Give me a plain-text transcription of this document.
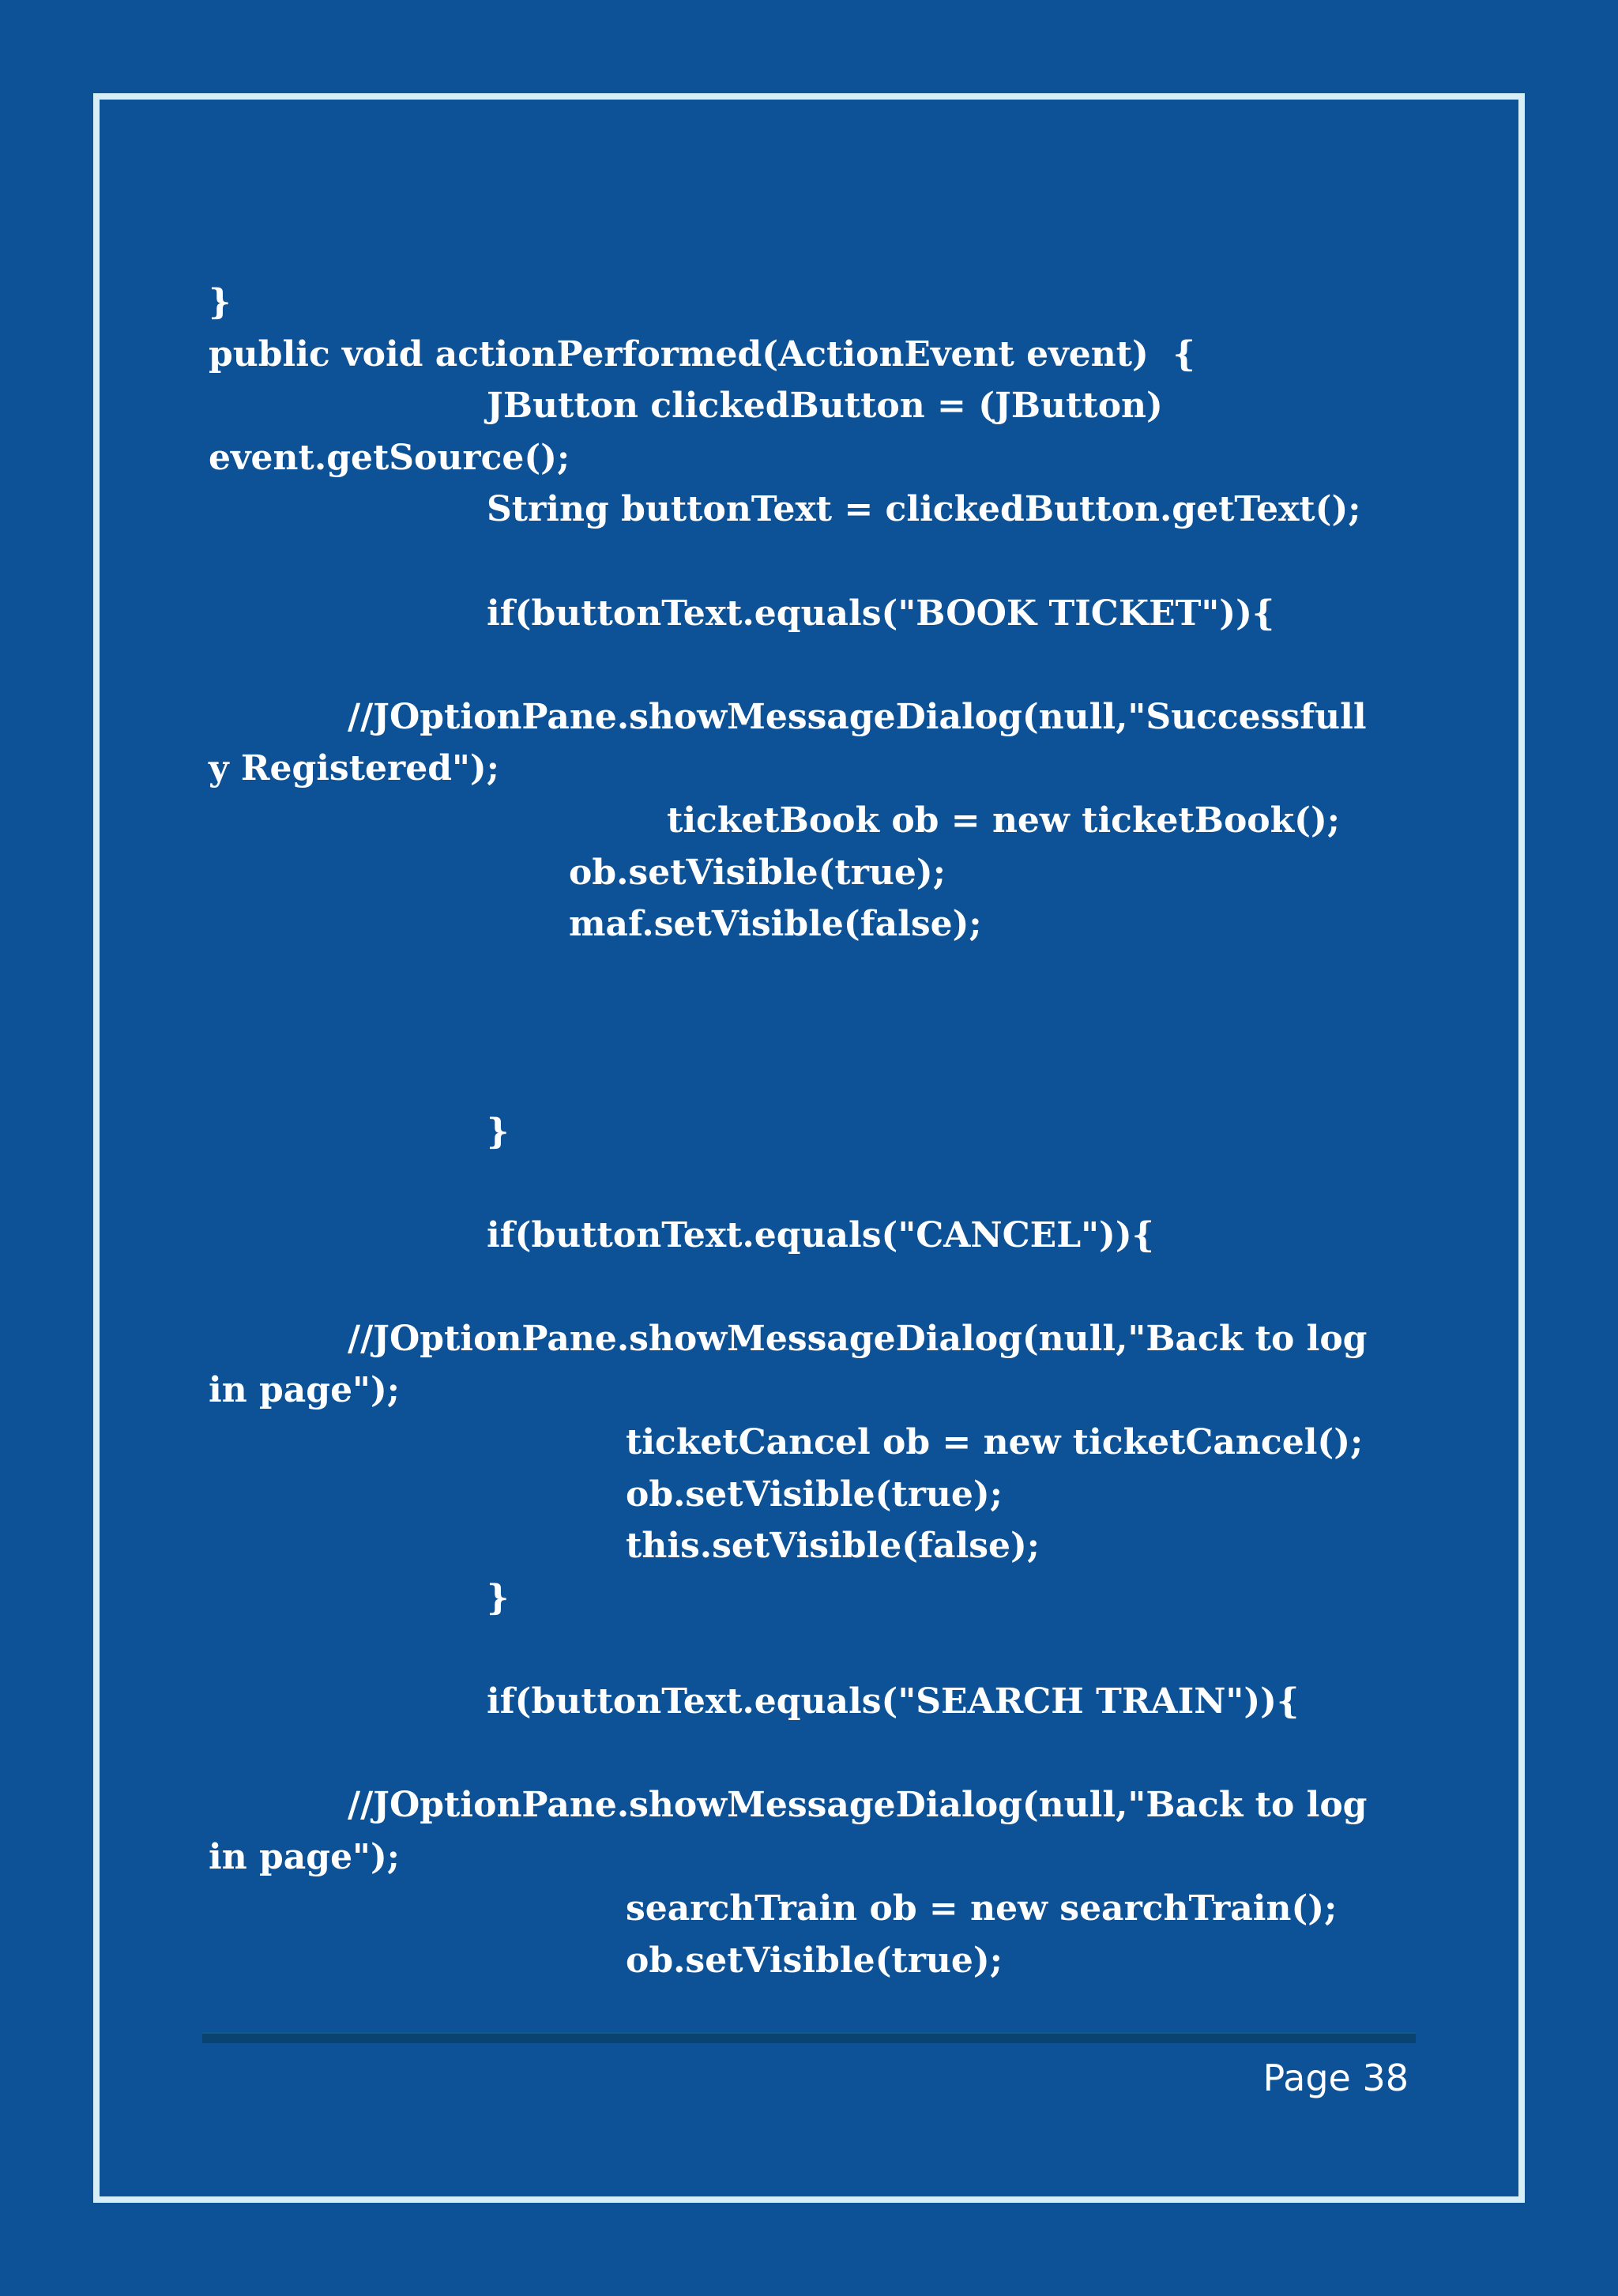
}
public void actionPerformed(ActionEvent event)  {
JButton clickedButton = (JButton)
event.getSource();
String buttonText = clickedButton.getText();
if(buttonText.equals("BOOK TICKET")){
//JOptionPane.showMessageDialog(null,"Successfull
y Registered");
ticketBook ob = new ticketBook();
ob.setVisible(true);
maf.setVisible(false);
}
if(buttonText.equals("CANCEL")){
//JOptionPane.showMessageDialog(null,"Back to log
in page");
ticketCancel ob = new ticketCancel();
ob.setVisible(true);
this.setVisible(false);
}
if(buttonText.equals("SEARCH TRAIN")){
//JOptionPane.showMessageDialog(null,"Back to log
in page");
searchTrain ob = new searchTrain();
ob.setVisible(true);
Page 38
